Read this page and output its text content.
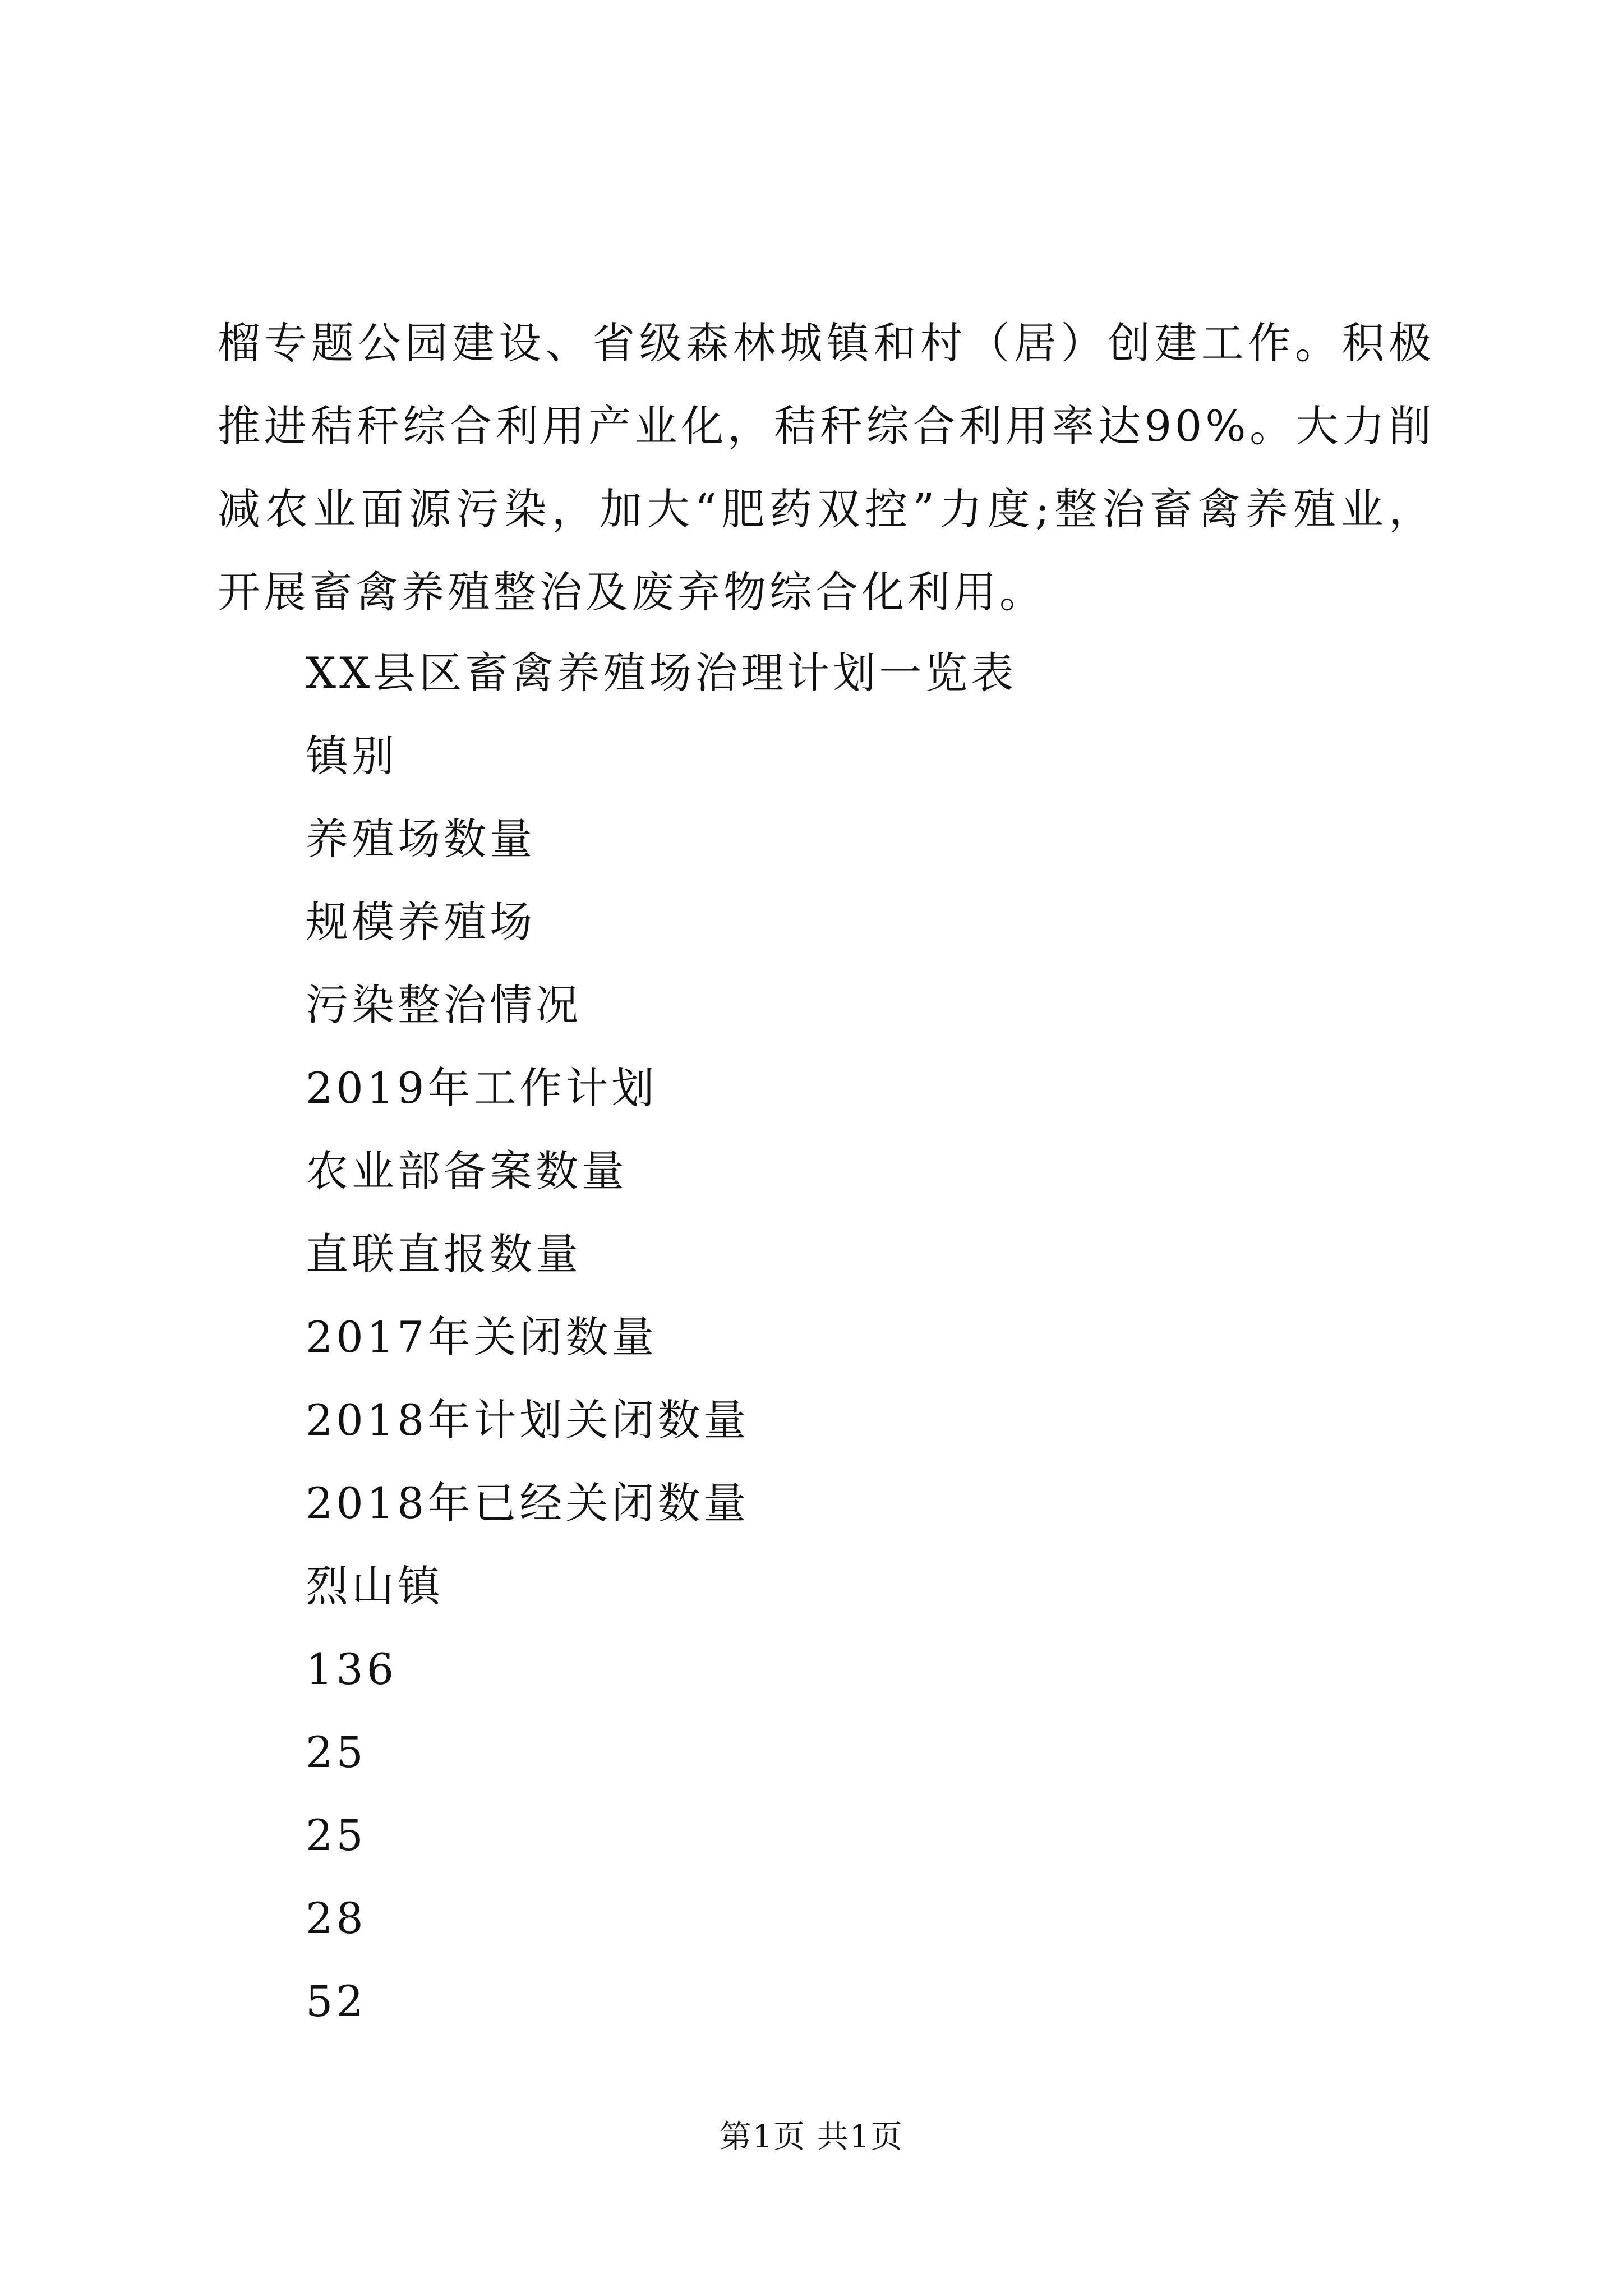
榴专题公园建设、省级森林城镇和村（居）创建工作。积极推进秸秆综合利用产业化，秸秆综合利用率达90%。大力削减农业面源污染，加大“肥药双控”力度;整治畜禽养殖业，开展畜禽养殖整治及废弃物综合化利用。

XX县区畜禽养殖场治理计划一览表
镇别
养殖场数量
规模养殖场
污染整治情况
2019年工作计划
农业部备案数量
直联直报数量
2017年关闭数量
2018年计划关闭数量
2018年已经关闭数量
烈山镇
136
25
25
28
52
第1页 共1页
